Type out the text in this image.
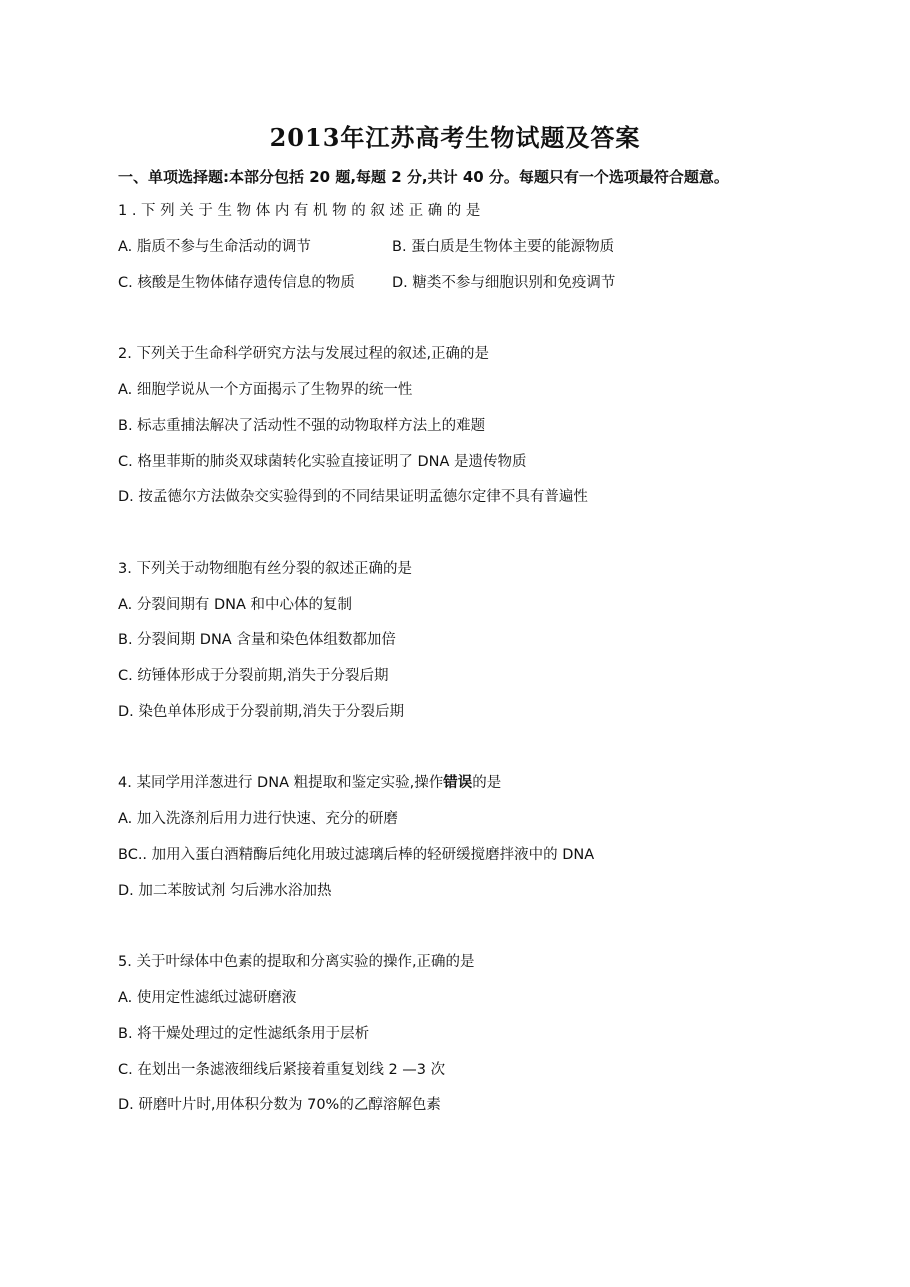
2013年江苏高考生物试题及答案
一、单项选择题:本部分包括 20 题,每题 2 分,共计 40 分。每题只有一个选项最符合题意。
1 . 下 列 关 于 生 物 体 内 有 机 物 的 叙 述 正 确 的 是
A. 脂质不参与生命活动的调节	B. 蛋白质是生物体主要的能源物质
C. 核酸是生物体储存遗传信息的物质	D. 糖类不参与细胞识别和免疫调节
2. 下列关于生命科学研究方法与发展过程的叙述,正确的是
A. 细胞学说从一个方面揭示了生物界的统一性
B. 标志重捕法解决了活动性不强的动物取样方法上的难题
C. 格里菲斯的肺炎双球菌转化实验直接证明了 DNA 是遗传物质
D. 按孟德尔方法做杂交实验得到的不同结果证明孟德尔定律不具有普遍性
3. 下列关于动物细胞有丝分裂的叙述正确的是
A. 分裂间期有 DNA 和中心体的复制
B. 分裂间期 DNA 含量和染色体组数都加倍
C. 纺锤体形成于分裂前期,消失于分裂后期
D. 染色单体形成于分裂前期,消失于分裂后期
4. 某同学用洋葱进行 DNA 粗提取和鉴定实验,操作错误的是
A. 加入洗涤剂后用力进行快速、充分的研磨
BC.. 加用入蛋白酒精酶后纯化用玻过滤璃后棒的轻研缓搅磨拌液中的 DNA
D. 加二苯胺试剂 匀后沸水浴加热
5. 关于叶绿体中色素的提取和分离实验的操作,正确的是
A. 使用定性滤纸过滤研磨液
B. 将干燥处理过的定性滤纸条用于层析
C. 在划出一条滤液细线后紧接着重复划线 2 —3 次
D. 研磨叶片时,用体积分数为 70%的乙醇溶解色素
